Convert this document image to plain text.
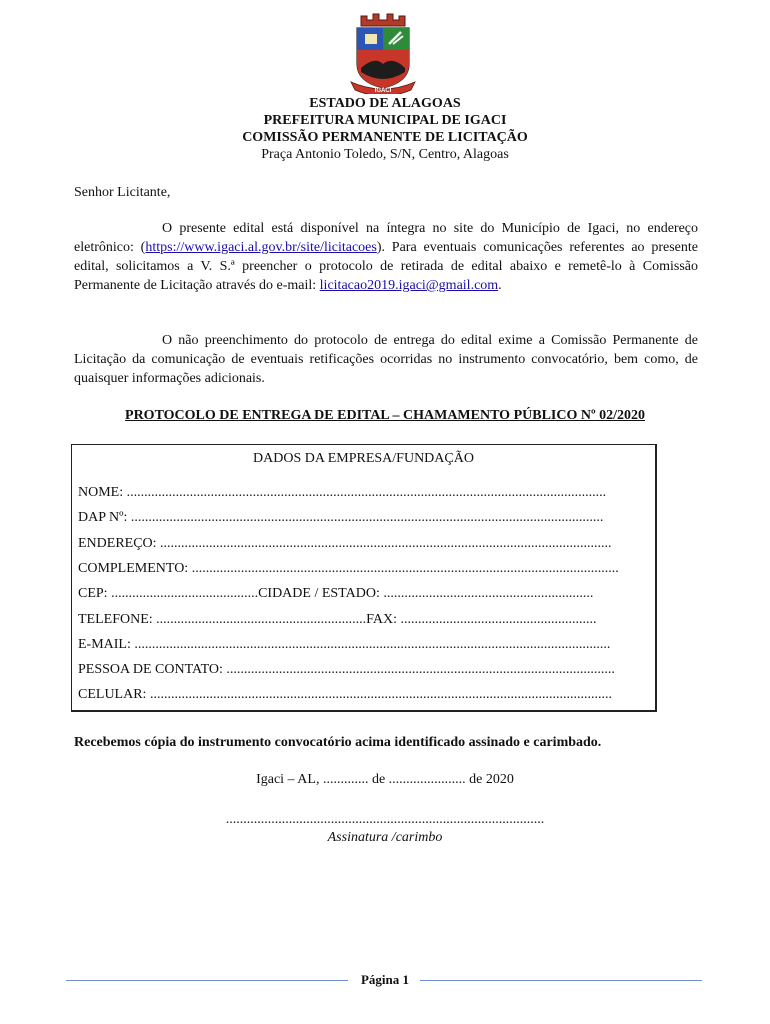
IGACI
ESTADO DE ALAGOAS
PREFEITURA MUNICIPAL DE IGACI
COMISSÃO PERMANENTE DE LICITAÇÃO
Praça Antonio Toledo, S/N, Centro, Alagoas
Senhor Licitante,
O presente edital está disponível na íntegra no site do Município de Igaci, no endereço eletrônico: (https://www.igaci.al.gov.br/site/licitacoes). Para eventuais comunicações referentes ao presente edital, solicitamos a V. S.ª preencher o protocolo de retirada de edital abaixo e remetê-lo à Comissão Permanente de Licitação através do e-mail: licitacao2019.igaci@gmail.com.
O não preenchimento do protocolo de entrega do edital exime a Comissão Permanente de Licitação da comunicação de eventuais retificações ocorridas no instrumento convocatório, bem como, de quaisquer informações adicionais.
PROTOCOLO DE ENTREGA DE EDITAL – CHAMAMENTO PÚBLICO Nº 02/2020
DADOS DA EMPRESA/FUNDAÇÃO
NOME: .........................................................................................................................................
DAP Nº: .......................................................................................................................................
ENDEREÇO: .................................................................................................................................
COMPLEMENTO: ..........................................................................................................................
CEP: ..........................................CIDADE / ESTADO: ............................................................
TELEFONE: ............................................................FAX: ........................................................
E-MAIL: ........................................................................................................................................
PESSOA DE CONTATO: ...............................................................................................................
CELULAR: ....................................................................................................................................
Recebemos cópia do instrumento convocatório acima identificado assinado e carimbado.
Igaci – AL, ............. de ...................... de 2020
...........................................................................................
Assinatura /carimbo
Página 1
